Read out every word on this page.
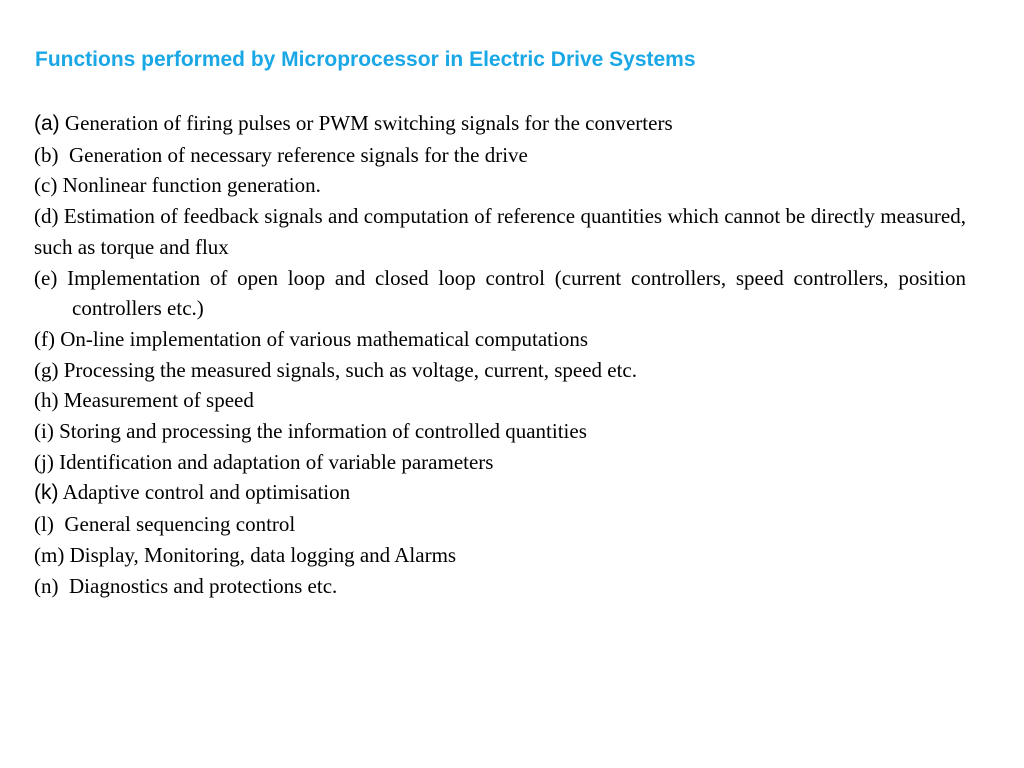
Functions performed by Microprocessor in Electric Drive Systems
(a) Generation of firing pulses or PWM switching signals for the converters
(b) Generation of necessary reference signals for the drive
(c) Nonlinear function generation.
(d) Estimation of feedback signals and computation of reference quantities which cannot be directly measured, such as torque and flux
(e) Implementation of open loop and closed loop control (current controllers, speed controllers, position controllers etc.)
(f) On-line implementation of various mathematical computations
(g) Processing the measured signals, such as voltage, current, speed etc.
(h) Measurement of speed
(i) Storing and processing the information of controlled quantities
(j) Identification and adaptation of variable parameters
(k) Adaptive control and optimisation
(l) General sequencing control
(m) Display, Monitoring, data logging and Alarms
(n) Diagnostics and protections etc.
